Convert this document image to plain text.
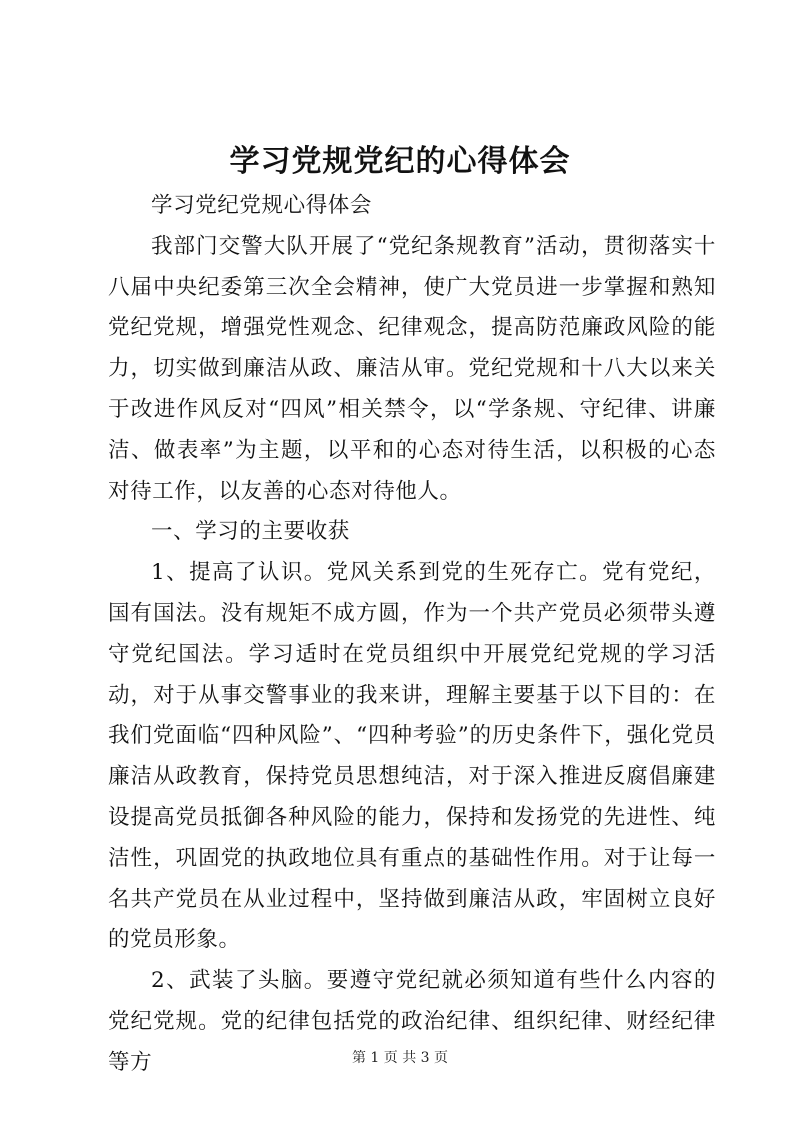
学习党规党纪的心得体会

学习党纪党规心得体会

我部门交警大队开展了“党纪条规教育”活动，贯彻落实十八届中央纪委第三次全会精神，使广大党员进一步掌握和熟知党纪党规，增强党性观念、纪律观念，提高防范廉政风险的能力，切实做到廉洁从政、廉洁从审。党纪党规和十八大以来关于改进作风反对“四风”相关禁令，以“学条规、守纪律、讲廉洁、做表率”为主题，以平和的心态对待生活，以积极的心态对待工作，以友善的心态对待他人。

一、学习的主要收获

1、提高了认识。党风关系到党的生死存亡。党有党纪，国有国法。没有规矩不成方圆，作为一个共产党员必须带头遵守党纪国法。学习适时在党员组织中开展党纪党规的学习活动，对于从事交警事业的我来讲，理解主要基于以下目的：在我们党面临“四种风险”、“四种考验”的历史条件下，强化党员廉洁从政教育，保持党员思想纯洁，对于深入推进反腐倡廉建设提高党员抵御各种风险的能力，保持和发扬党的先进性、纯洁性，巩固党的执政地位具有重点的基础性作用。对于让每一名共产党员在从业过程中，坚持做到廉洁从政，牢固树立良好的党员形象。

2、武装了头脑。要遵守党纪就必须知道有些什么内容的党纪党规。党的纪律包括党的政治纪律、组织纪律、财经纪律等方	第 1 页 共 3 页
